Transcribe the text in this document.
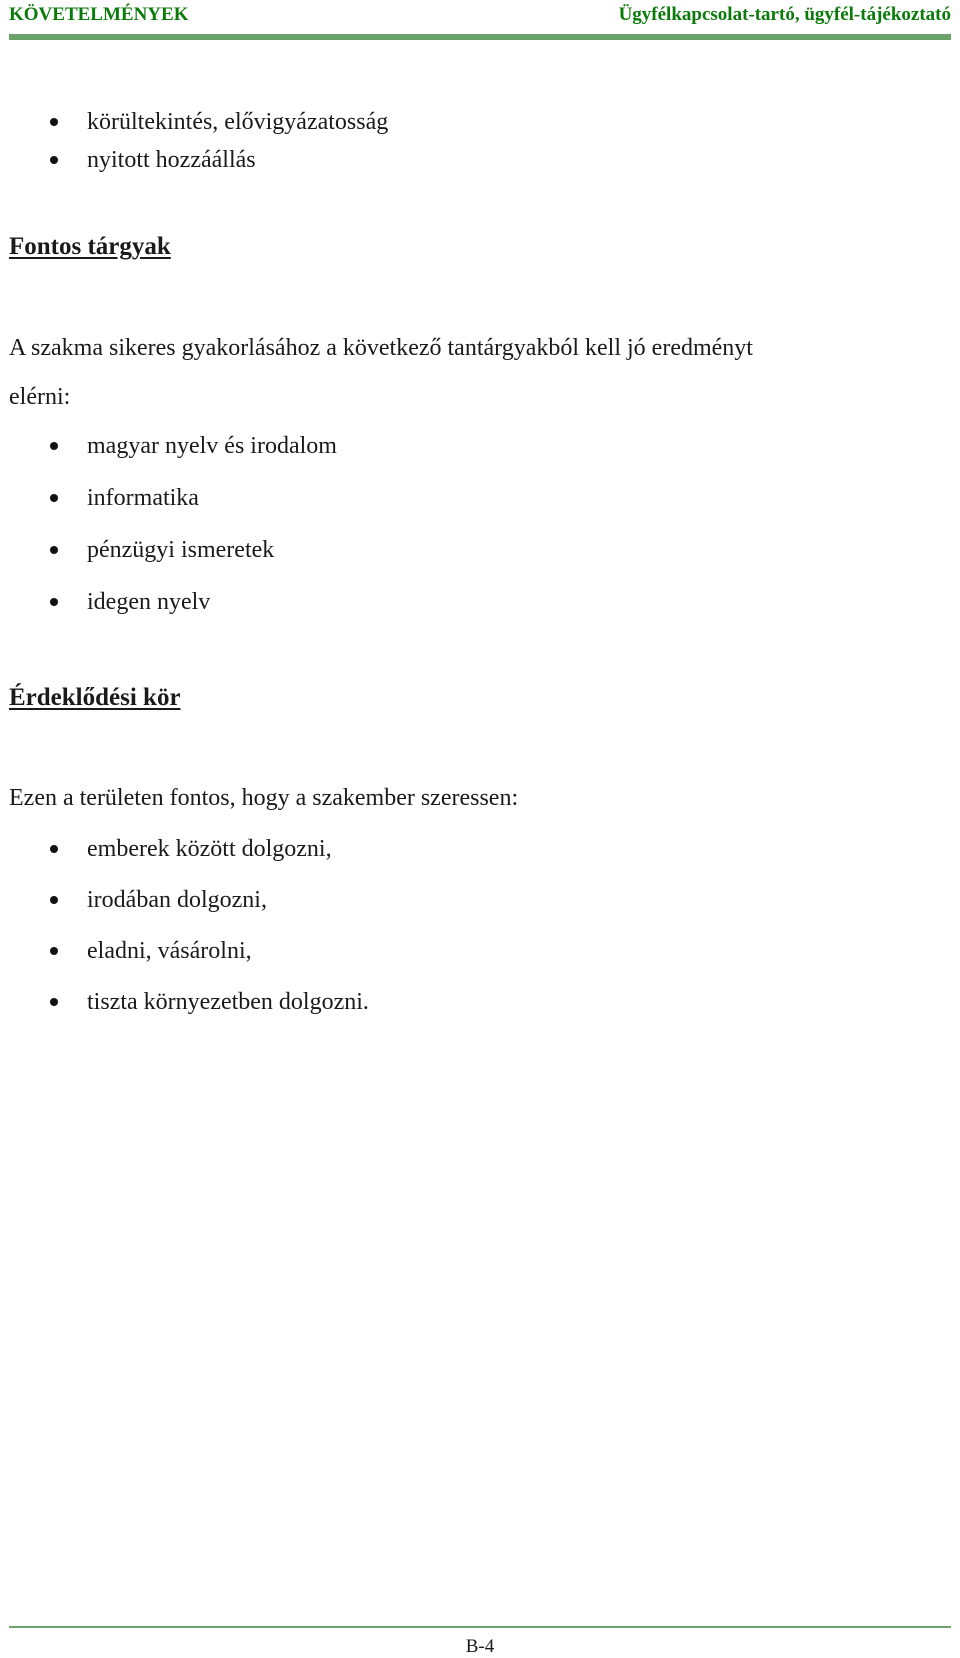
KÖVETELMÉNYEK	Ügyfélkapcsolat-tartó, ügyfél-tájékoztató
körültekintés, elővigyázatosság
nyitott hozzáállás
Fontos tárgyak
A szakma sikeres gyakorlásához a következő tantárgyakból kell jó eredményt
elérni:
magyar nyelv és irodalom
informatika
pénzügyi ismeretek
idegen nyelv
Érdeklődési kör
Ezen a területen fontos, hogy a szakember szeressen:
emberek között dolgozni,
irodában dolgozni,
eladni, vásárolni,
tiszta környezetben dolgozni.
B-4
